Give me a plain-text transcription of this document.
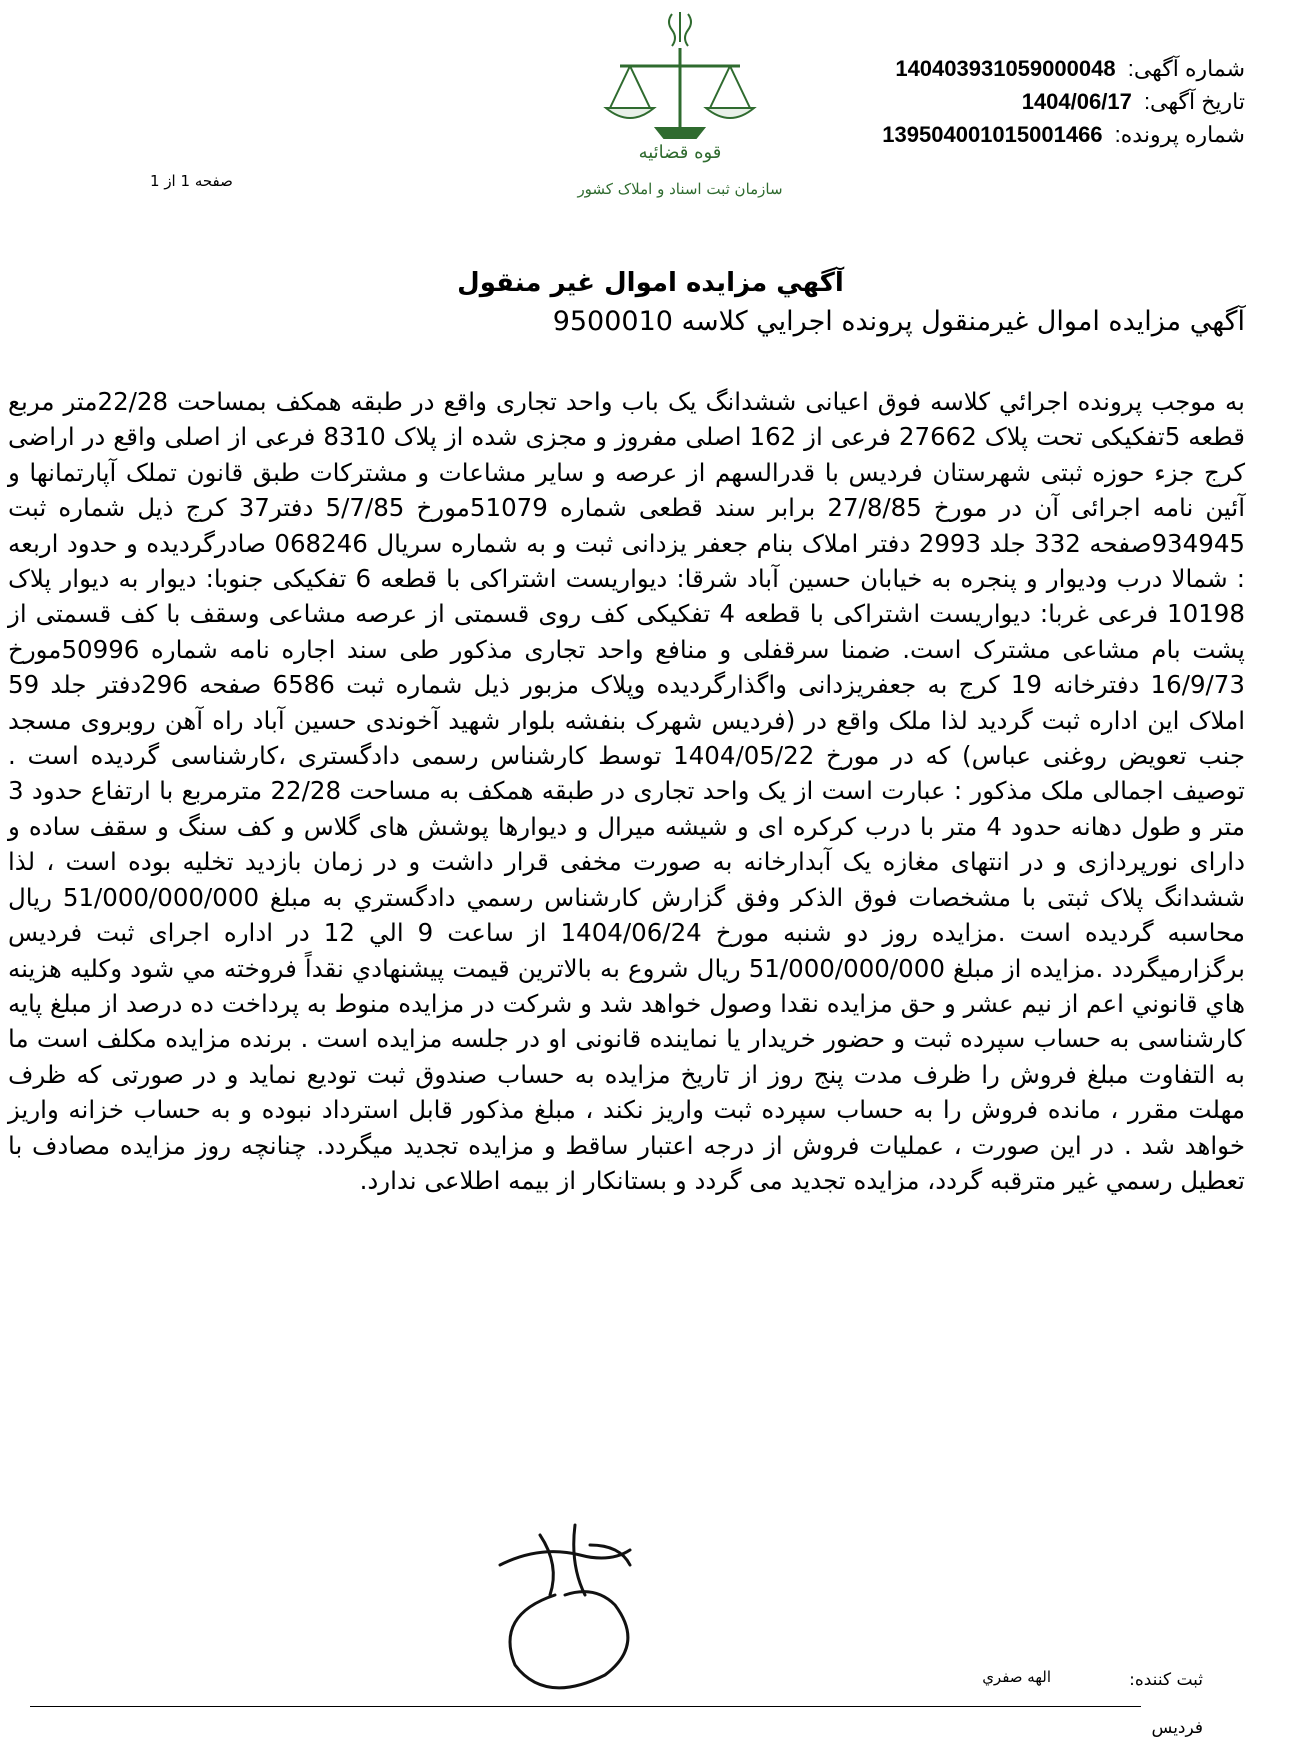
قوه قضائیه
سازمان ثبت اسناد و املاک کشور
شماره آگهی: 140403931059000048
تاریخ آگهی: 1404/06/17
شماره پرونده: 13950400101500146​6
صفحه 1 از 1
آگهي مزايده اموال غير منقول
آگهي مزايده اموال غيرمنقول پرونده اجرايي كلاسه 9500010
به موجب پرونده اجرائي كلاسه فوق اعیانی ششدانگ یک باب واحد تجاری واقع در طبقه همکف بمساحت 22/28متر مربع قطعه 5تفکیکی تحت پلاک 27662 فرعی از 162 اصلی مفروز و مجزی شده از پلاک 8310 فرعی از اصلی واقع در اراضی کرج جزء حوزه ثبتی شهرستان فردیس با قدرالسهم از عرصه و سایر مشاعات و مشترکات طبق قانون تملک آپارتمانها و آئین نامه اجرائی آن در مورخ 27/8/85 برابر سند قطعی شماره 51079مورخ 5/7/85 دفتر37 کرج ذیل شماره ثبت 934945صفحه 332 جلد 2993 دفتر املاک بنام جعفر یزدانی ثبت و به شماره سریال 068246 صادرگردیده و حدود اربعه : شمالا درب ودیوار و پنجره به خیابان حسین آباد شرقا: دیواریست اشتراکی با قطعه 6 تفکیکی جنوبا: دیوار به دیوار پلاک 10198 فرعی غربا: دیواریست اشتراکی با قطعه 4 تفکیکی کف روی قسمتی از عرصه مشاعی وسقف با کف قسمتی از پشت بام مشاعی مشترک است. ضمنا سرقفلی و منافع واحد تجاری مذکور طی سند اجاره نامه شماره 50996مورخ 16/9/73 دفترخانه 19 کرج به جعفریزدانی واگذارگردیده وپلاک مزبور ذیل شماره ثبت 6586 صفحه 296دفتر جلد 59 املاک این اداره ثبت گردید لذا ملک واقع در (فردیس شهرک بنفشه بلوار شهید آخوندی حسین آباد راه آهن روبروی مسجد جنب تعویض روغنی عباس) که در مورخ 1404/05/22 توسط کارشناس رسمی دادگستری ،کارشناسی گردیده است . توصیف اجمالی ملک مذکور : عبارت است از یک واحد تجاری در طبقه همکف به مساحت 22/28 مترمربع با ارتفاع حدود 3 متر و طول دهانه حدود 4 متر با درب کرکره ای و شیشه میرال و دیوارها پوشش های گلاس و کف سنگ و سقف ساده و دارای نورپردازی و در انتهای مغازه یک آبدارخانه به صورت مخفی قرار داشت و در زمان بازدید تخلیه بوده است ، لذا ششدانگ پلاک ثبتی با مشخصات فوق الذکر وفق گزارش كارشناس رسمي دادگستري به مبلغ 51/000/000/000 ريال محاسبه گرديده است .مزايده روز دو شنبه مورخ 1404/06/24 از ساعت 9 الي 12 در اداره اجرای ثبت فردیس برگزارميگردد .مزايده از مبلغ 51/000/000/000 ريال شروع به بالاترين قيمت پيشنهادي نقداً فروخته مي شود وكليه هزينه هاي قانوني اعم از نيم عشر و حق مزايده نقدا وصول خواهد شد و شرکت در مزایده منوط به پرداخت ده درصد از مبلغ پایه کارشناسی به حساب سپرده ثبت و حضور خریدار یا نماینده قانونی او در جلسه مزایده است . برنده مزایده مکلف است ما به التفاوت مبلغ فروش را ظرف مدت پنج روز از تاریخ مزایده به حساب صندوق ثبت تودیع نماید و در صورتی که ظرف مهلت مقرر ، مانده فروش را به حساب سپرده ثبت واریز نکند ، مبلغ مذکور قابل استرداد نبوده و به حساب خزانه واریز خواهد شد . در این صورت ، عملیات فروش از درجه اعتبار ساقط و مزایده تجدید میگردد. چنانچه روز مزايده مصادف با تعطيل رسمي غير مترقبه گردد، مزايده تجديد مى گردد و بستانكار از بيمه اطلاعى ندارد.
ثبت کننده:
الهه صفري
فرديس
